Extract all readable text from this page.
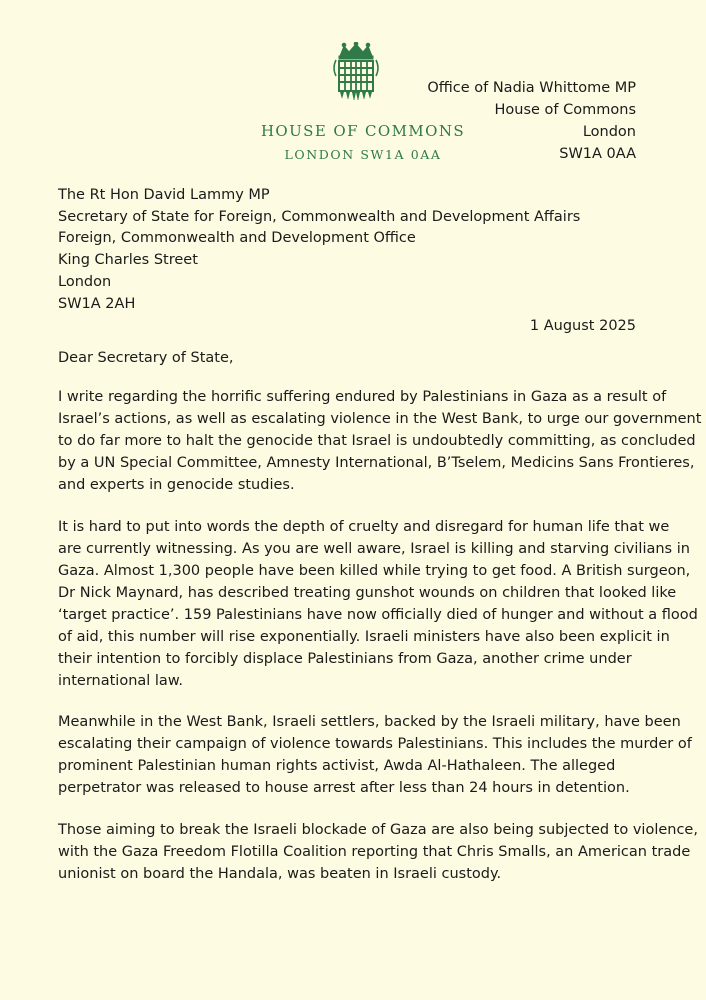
HOUSE OF COMMONS
LONDON SW1A 0AA
Office of Nadia Whittome MP
House of Commons
London
SW1A 0AA
The Rt Hon David Lammy MP
Secretary of State for Foreign, Commonwealth and Development Affairs
Foreign, Commonwealth and Development Office
King Charles Street
London
SW1A 2AH
1 August 2025
Dear Secretary of State,
I write regarding the horrific suffering endured by Palestinians in Gaza as a result of
Israel’s actions, as well as escalating violence in the West Bank, to urge our government
to do far more to halt the genocide that Israel is undoubtedly committing, as concluded
by a UN Special Committee, Amnesty International, B’Tselem, Medicins Sans Frontieres,
and experts in genocide studies.
It is hard to put into words the depth of cruelty and disregard for human life that we
are currently witnessing. As you are well aware, Israel is killing and starving civilians in
Gaza. Almost 1,300 people have been killed while trying to get food. A British surgeon,
Dr Nick Maynard, has described treating gunshot wounds on children that looked like
‘target practice’. 159 Palestinians have now officially died of hunger and without a flood
of aid, this number will rise exponentially. Israeli ministers have also been explicit in
their intention to forcibly displace Palestinians from Gaza, another crime under
international law.
Meanwhile in the West Bank, Israeli settlers, backed by the Israeli military, have been
escalating their campaign of violence towards Palestinians. This includes the murder of
prominent Palestinian human rights activist, Awda Al-Hathaleen. The alleged
perpetrator was released to house arrest after less than 24 hours in detention.
Those aiming to break the Israeli blockade of Gaza are also being subjected to violence,
with the Gaza Freedom Flotilla Coalition reporting that Chris Smalls, an American trade
unionist on board the Handala, was beaten in Israeli custody.
